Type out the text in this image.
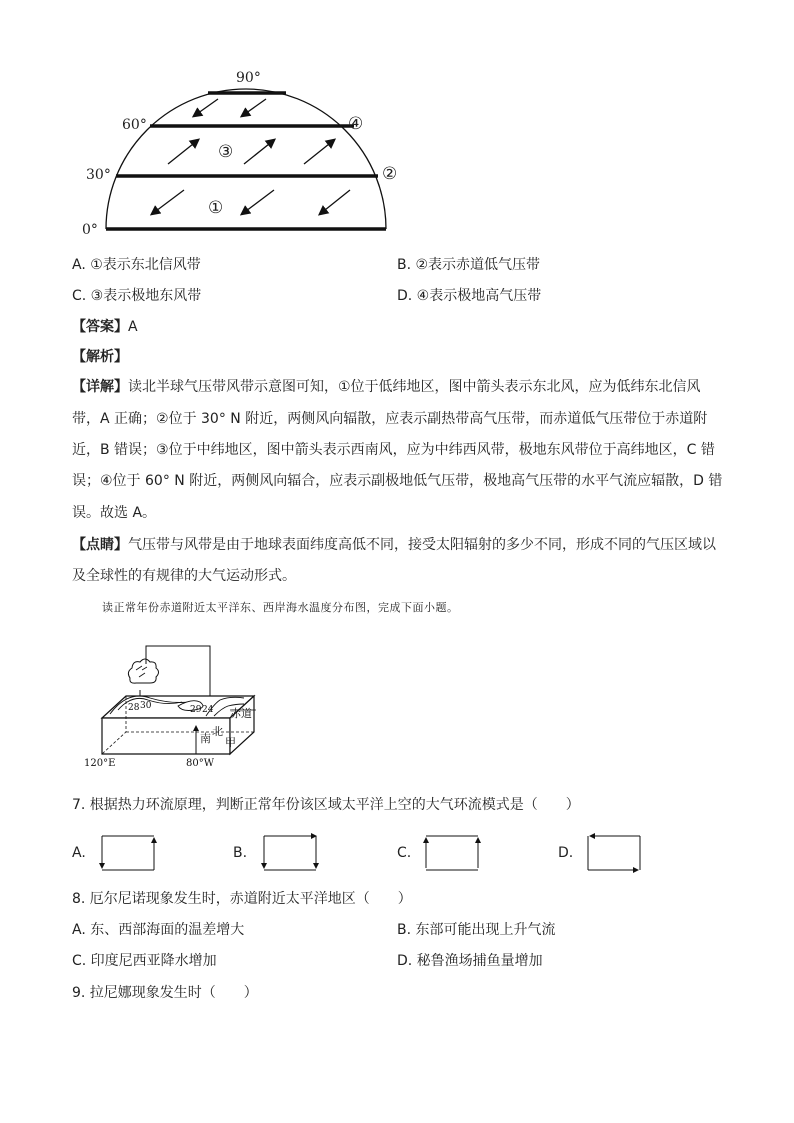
90°
60°
30°
0°
①
②
③
④
A. ①表示东北信风带	B. ②表示赤道低气压带
C. ③表示极地东风带	D. ④表示极地高气压带
【答案】A
【解析】
【详解】读北半球气压带风带示意图可知，①位于低纬地区，图中箭头表示东北风，应为低纬东北信风
带，A 正确；②位于 30° N 附近，两侧风向辐散，应表示副热带高气压带，而赤道低气压带位于赤道附
近，B 错误；③位于中纬地区，图中箭头表示西南风，应为中纬西风带，极地东风带位于高纬地区，C 错
误；④位于 60° N 附近，两侧风向辐合，应表示副极地低气压带，极地高气压带的水平气流应辐散，D 错
误。故选 A。
【点睛】气压带与风带是由于地球表面纬度高低不同，接受太阳辐射的多少不同，形成不同的气压区域以
及全球性的有规律的大气运动形式。
读正常年份赤道附近太平洋东、西岸海水温度分布图，完成下面小题。
28 30	29 24 赤道
北
南 甲
120°E	80°W
7. 根据热力环流原理，判断正常年份该区域太平洋上空的大气环流模式是（　　）
A.	B.	C.	D.
8. 厄尔尼诺现象发生时，赤道附近太平洋地区（　　）
A. 东、西部海面的温差增大	B. 东部可能出现上升气流
C. 印度尼西亚降水增加	D. 秘鲁渔场捕鱼量增加
9. 拉尼娜现象发生时（　　）
